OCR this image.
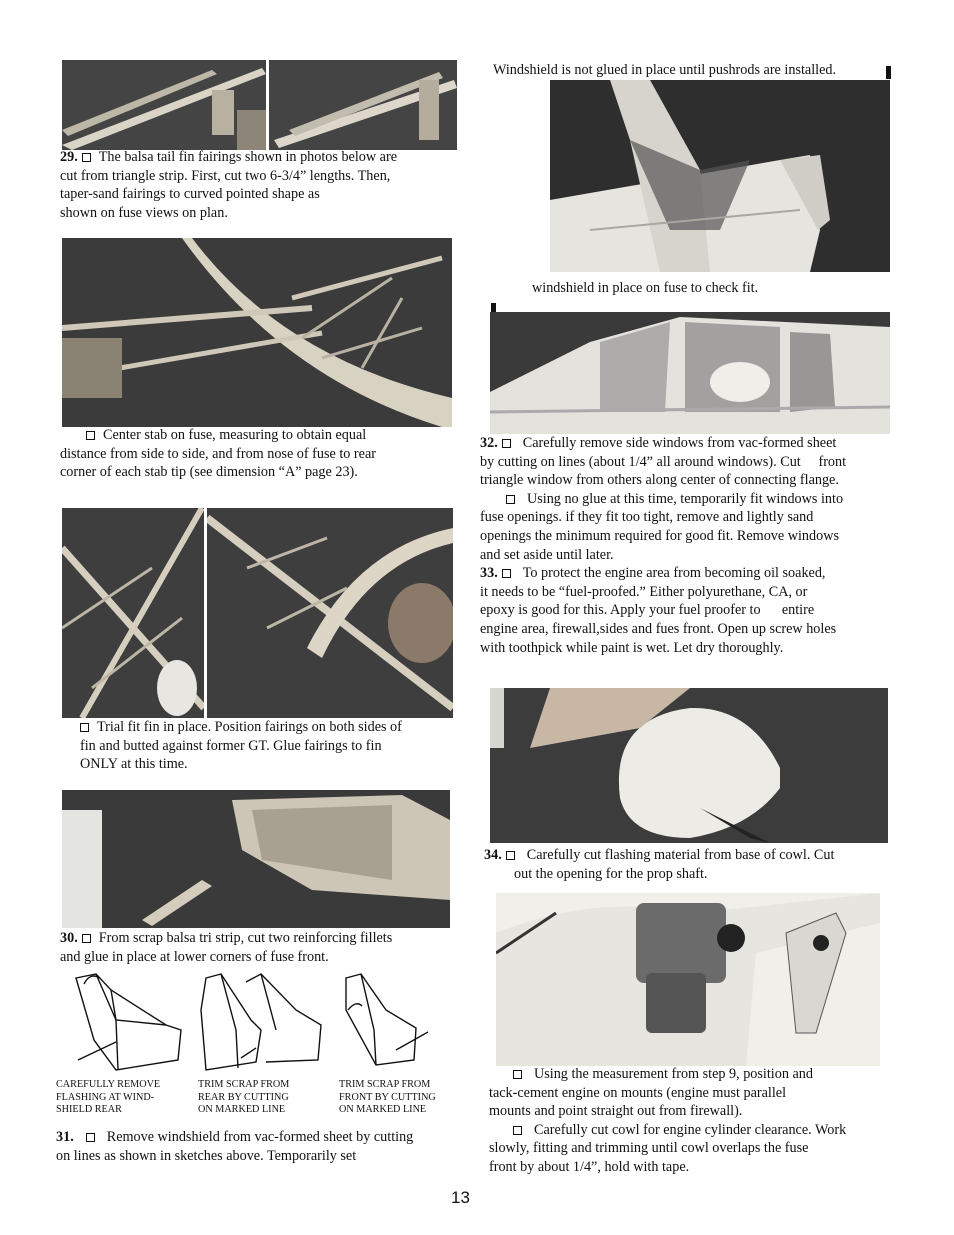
29. The balsa tail fin fairings shown in photos below are
cut from triangle strip. First, cut two 6-3/4” lengths. Then,
taper-sand fairings to curved pointed shape as
shown on fuse views on plan.

Center stab on fuse, measuring to obtain equal
distance from side to side, and from nose of fuse to rear
corner of each stab tip (see dimension “A” page 23).

Trial fit fin in place. Position fairings on both sides of
fin and butted against former GT. Glue fairings to fin
ONLY at this time.

30. From scrap balsa tri strip, cut two reinforcing fillets
and glue in place at lower corners of fuse front.

CAREFULLY REMOVE
FLASHING AT WIND-
SHIELD REAR
TRIM SCRAP FROM
REAR BY CUTTING
ON MARKED LINE
TRIM SCRAP FROM
FRONT BY CUTTING
ON MARKED LINE

31. Remove windshield from vac-formed sheet by cutting
on lines as shown in sketches above. Temporarily set

Windshield is not glued in place until pushrods are installed.

windshield in place on fuse to check fit.

32. Carefully remove side windows from vac-formed sheet
by cutting on lines (about 1/4” all around windows). Cut     front
triangle window from others along center of connecting flange.
Using no glue at this time, temporarily fit windows into
fuse openings. if they fit too tight, remove and lightly sand
openings the minimum required for good fit. Remove windows
and set aside until later.
33. To protect the engine area from becoming oil soaked,
it needs to be “fuel-proofed.” Either polyurethane, CA, or
epoxy is good for this. Apply your fuel proofer to      entire
engine area, firewall,sides and fues front. Open up screw holes
with toothpick while paint is wet. Let dry thoroughly.

34. Carefully cut flashing material from base of cowl. Cut
out the opening for the prop shaft.

Using the measurement from step 9, position and
tack-cement engine on mounts (engine must parallel
mounts and point straight out from firewall).
Carefully cut cowl for engine cylinder clearance. Work
slowly, fitting and trimming until cowl overlaps the fuse
front by about 1/4”, hold with tape.

13
